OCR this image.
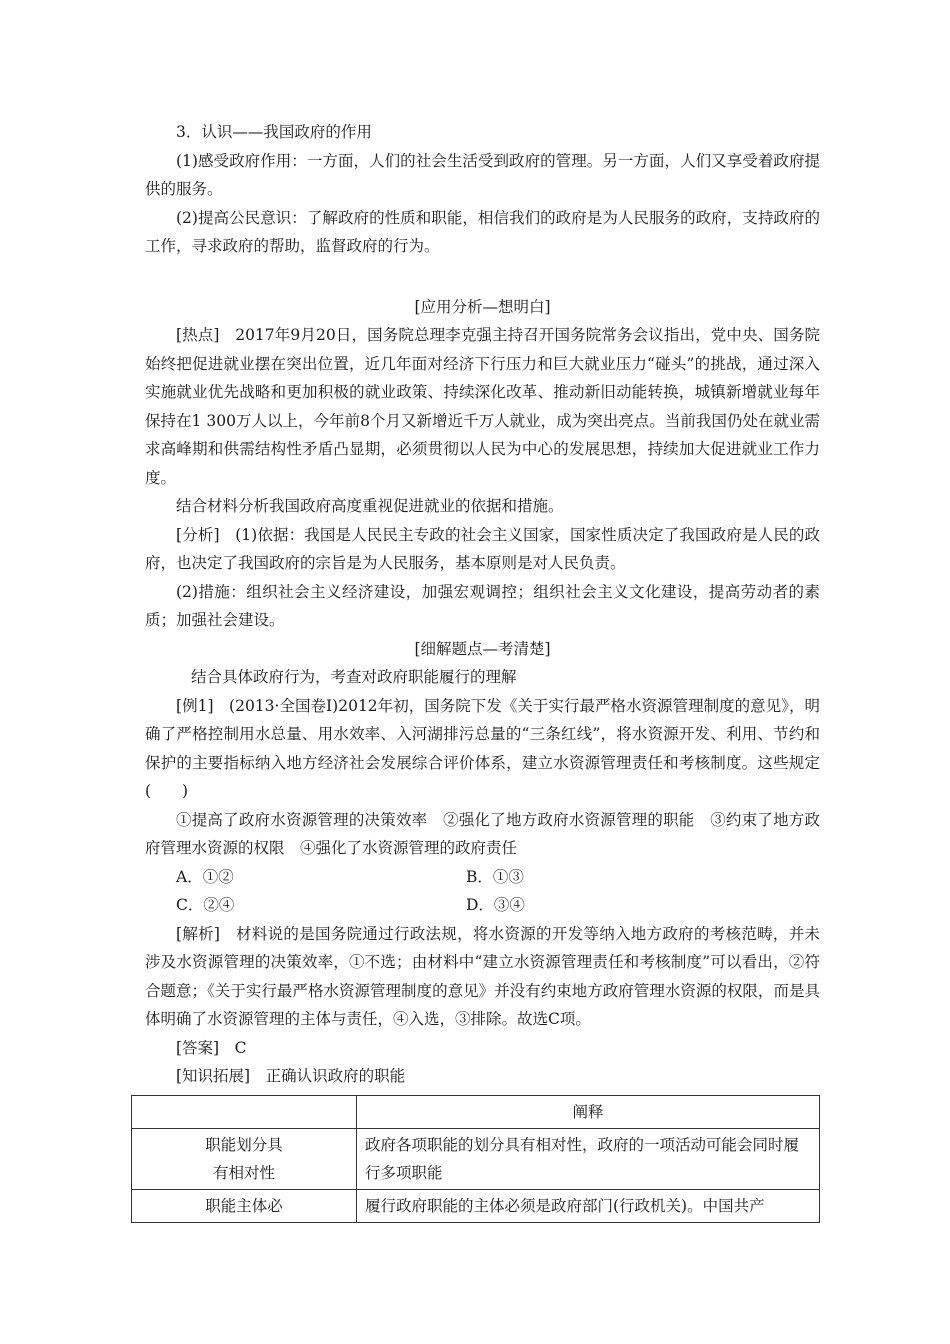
3．认识——我国政府的作用

(1)感受政府作用：一方面，人们的社会生活受到政府的管理。另一方面，人们又享受着政府提供的服务。

(2)提高公民意识：了解政府的性质和职能，相信我们的政府是为人民服务的政府，支持政府的工作，寻求政府的帮助，监督政府的行为。

[应用分析—想明白]

[热点]　2017年9月20日，国务院总理李克强主持召开国务院常务会议指出，党中央、国务院始终把促进就业摆在突出位置，近几年面对经济下行压力和巨大就业压力“碰头”的挑战，通过深入实施就业优先战略和更加积极的就业政策、持续深化改革、推动新旧动能转换，城镇新增就业每年保持在1 300万人以上，今年前8个月又新增近千万人就业，成为突出亮点。当前我国仍处在就业需求高峰期和供需结构性矛盾凸显期，必须贯彻以人民为中心的发展思想，持续加大促进就业工作力度。

结合材料分析我国政府高度重视促进就业的依据和措施。

[分析]　(1)依据：我国是人民民主专政的社会主义国家，国家性质决定了我国政府是人民的政府，也决定了我国政府的宗旨是为人民服务，基本原则是对人民负责。

(2)措施：组织社会主义经济建设，加强宏观调控；组织社会主义文化建设，提高劳动者的素质；加强社会建设。

[细解题点—考清楚]

结合具体政府行为，考查对政府职能履行的理解

[例1]　(2013·全国卷Ⅰ)2012年初，国务院下发《关于实行最严格水资源管理制度的意见》，明确了严格控制用水总量、用水效率、入河湖排污总量的“三条红线”，将水资源开发、利用、节约和保护的主要指标纳入地方经济社会发展综合评价体系，建立水资源管理责任和考核制度。这些规定(　　)

①提高了政府水资源管理的决策效率　②强化了地方政府水资源管理的职能　③约束了地方政府管理水资源的权限　④强化了水资源管理的政府责任

A．①②	B．①③
C．②④	D．③④

[解析]　材料说的是国务院通过行政法规，将水资源的开发等纳入地方政府的考核范畴，并未涉及水资源管理的决策效率，①不选；由材料中“建立水资源管理责任和考核制度”可以看出，②符合题意；《关于实行最严格水资源管理制度的意见》并没有约束地方政府管理水资源的权限，而是具体明确了水资源管理的主体与责任，④入选，③排除。故选C项。

[答案]　C

[知识拓展]　正确认识政府的职能

	阐释

职能划分具
有相对性	政府各项职能的划分具有相对性，政府的一项活动可能会同时履行多项职能

职能主体必	履行政府职能的主体必须是政府部门(行政机关)。中国共产
